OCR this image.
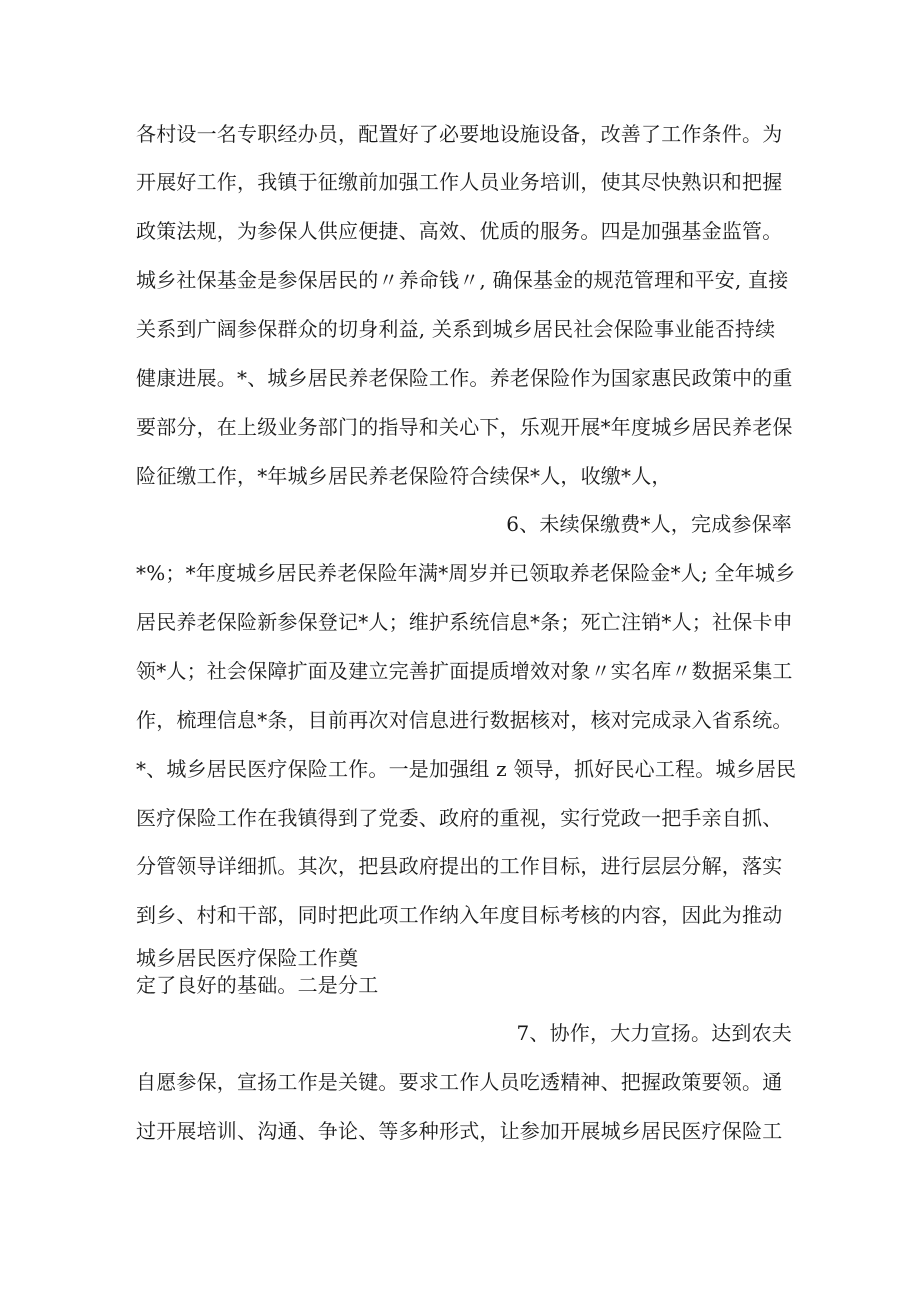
各村设一名专职经办员，配置好了必要地设施设备，改善了工作条件。为
开展好工作，我镇于征缴前加强工作人员业务培训，使其尽快熟识和把握
政策法规，为参保人供应便捷、高效、优质的服务。四是加强基金监管。
城乡社保基金是参保居民的〃养命钱〃, 确保基金的规范管理和平安, 直接
关系到广阔参保群众的切身利益, 关系到城乡居民社会保险事业能否持续
健康进展。*、城乡居民养老保险工作。养老保险作为国家惠民政策中的重
要部分，在上级业务部门的指导和关心下，乐观开展*年度城乡居民养老保
险征缴工作，*年城乡居民养老保险符合续保*人，收缴*人，
6、未续保缴费*人，完成参保率
*%；*年度城乡居民养老保险年满*周岁并已领取养老保险金*人; 全年城乡
居民养老保险新参保登记*人；维护系统信息*条；死亡注销*人；社保卡申
领*人；社会保障扩面及建立完善扩面提质增效对象〃实名库〃数据采集工
作，梳理信息*条，目前再次对信息进行数据核对，核对完成录入省系统。
*、城乡居民医疗保险工作。一是加强组 z 领导，抓好民心工程。城乡居民
医疗保险工作在我镇得到了党委、政府的重视，实行党政一把手亲自抓、
分管领导详细抓。其次，把县政府提出的工作目标，进行层层分解，落实
到乡、村和干部，同时把此项工作纳入年度目标考核的内容，因此为推动
城乡居民医疗保险工作奠
定了良好的基础。二是分工
7、协作，大力宣扬。达到农夫
自愿参保，宣扬工作是关键。要求工作人员吃透精神、把握政策要领。通
过开展培训、沟通、争论、等多种形式，让参加开展城乡居民医疗保险工
